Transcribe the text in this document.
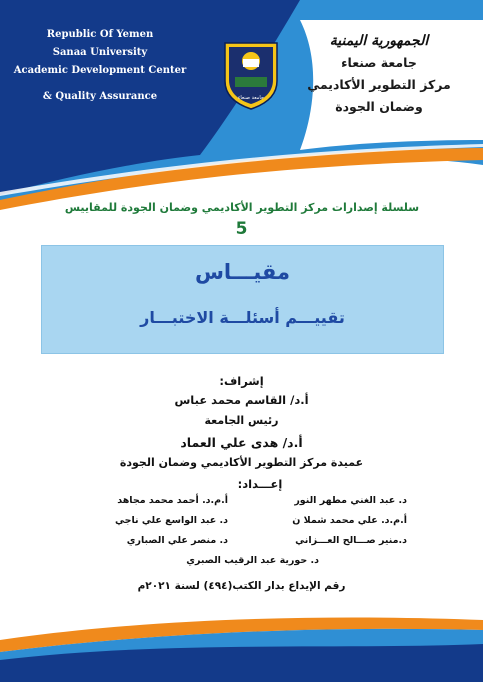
Republic Of Yemen
Sanaa University
Academic Development Center
& Quality Assurance
الجمهورية اليمنية
جامعة صنعاء
مركز التطوير الأكاديمي
وضمان الجودة
جامعة صنعاء
سلسلة إصدارات مركز التطوير الأكاديمي وضمان الجودة للمقاييس
5
مقيـــاس
تقييـــم أسئلـــة الاختبـــار
إشراف:
أ.د/ القاسم محمد عباس
رئيس الجامعة
أ.د/ هدى علي العماد
عميدة مركز التطوير الأكاديمي وضمان الجودة
إعـــداد:
د. عبد الغني مطهر النور
أ.م.د. علي محمد شملا ن
د.منير صـــالح العـــزاني
أ.م.د. أحمد محمد مجاهد
د. عبد الواسع علي ناجي
د. منصر علي الصباري
د. حورية عبد الرقيب الصبري
رقم الإيداع بدار الكتب(٤٩٤) لسنة ٢٠٢١م
